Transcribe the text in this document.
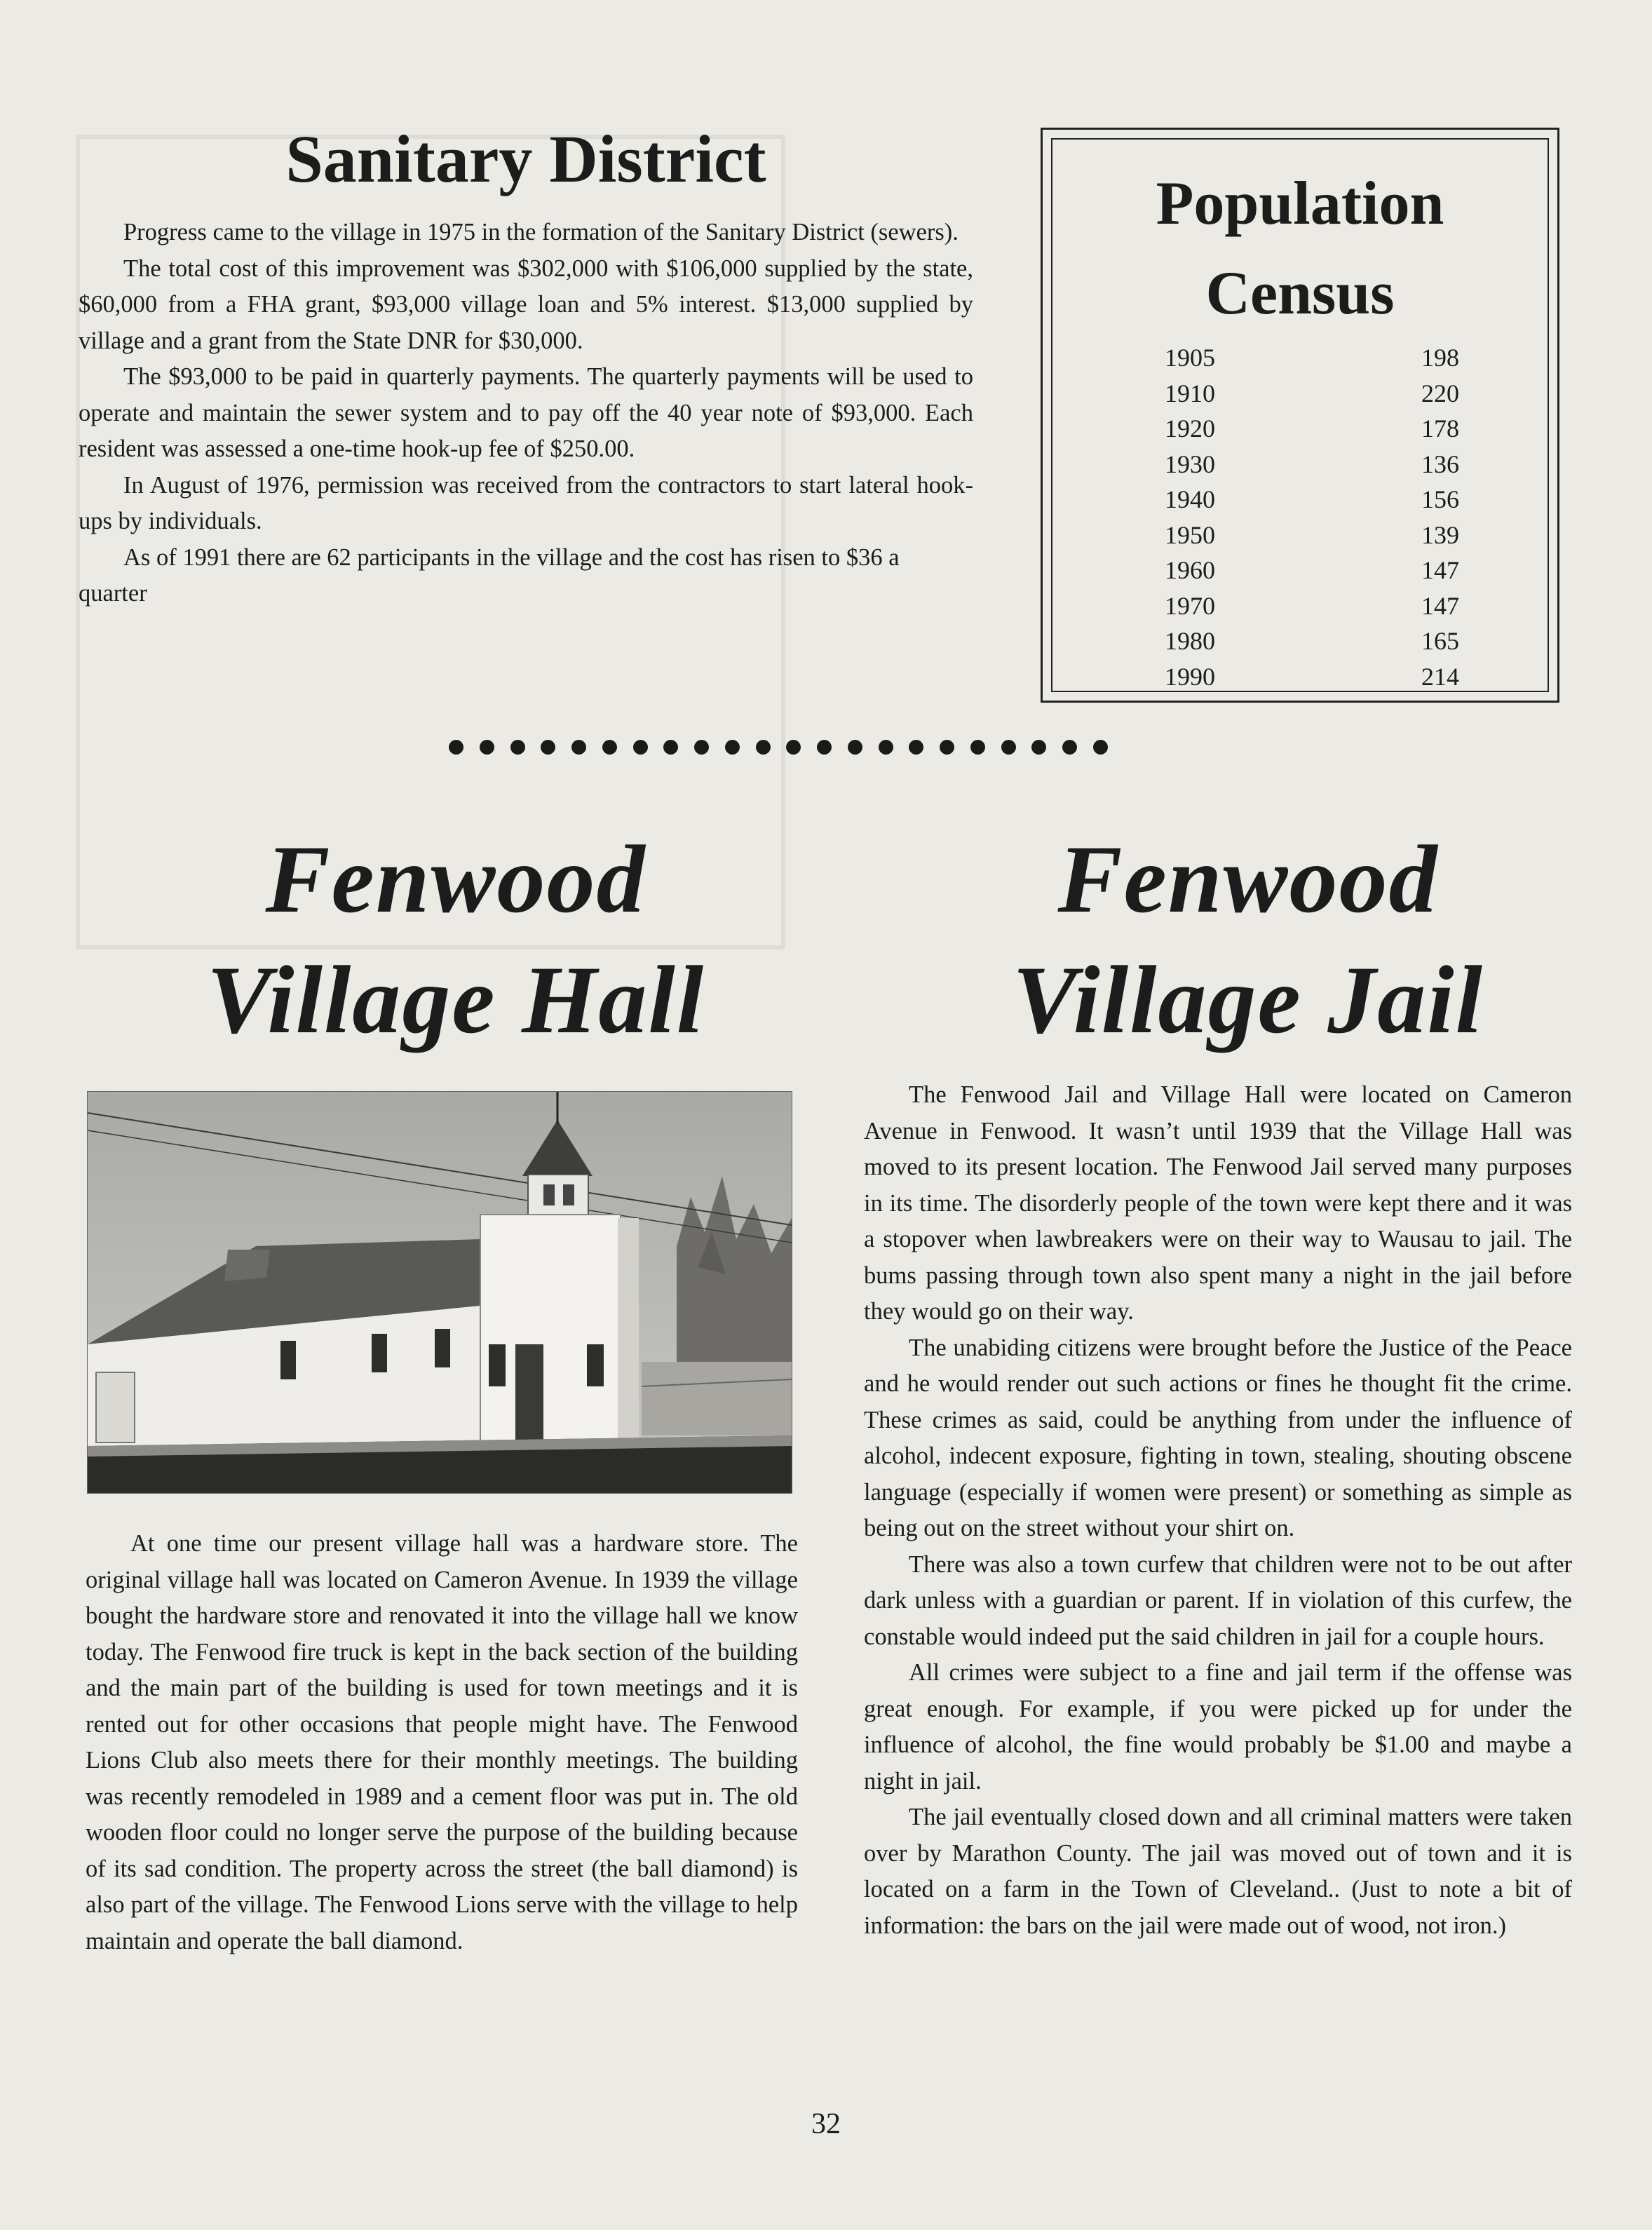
Sanitary District

Progress came to the village in 1975 in the formation of the Sanitary District (sewers).

The total cost of this improvement was $302,000 with $106,000 supplied by the state, $60,000 from a FHA grant, $93,000 village loan and 5% interest. $13,000 supplied by village and a grant from the State DNR for $30,000.

The $93,000 to be paid in quarterly payments. The quarterly payments will be used to operate and maintain the sewer system and to pay off the 40 year note of $93,000. Each resident was assessed a one-time hook-up fee of $250.00.

In August of 1976, permission was received from the contractors to start lateral hook-ups by individuals.

As of 1991 there are 62 participants in the village and the cost has risen to $36 a quarter

Population
Census
1905	198
1910	220
1920	178
1930	136
1940	156
1950	139
1960	147
1970	147
1980	165
1990	214
Fenwood
Village Hall
Fenwood
Village Jail

At one time our present village hall was a hardware store. The original village hall was located on Cameron Avenue. In 1939 the village bought the hardware store and renovated it into the village hall we know today. The Fenwood fire truck is kept in the back section of the building and the main part of the building is used for town meetings and it is rented out for other occasions that people might have. The Fenwood Lions Club also meets there for their monthly meetings. The building was recently remodeled in 1989 and a cement floor was put in. The old wooden floor could no longer serve the purpose of the building because of its sad condition. The property across the street (the ball diamond) is also part of the village. The Fenwood Lions serve with the village to help maintain and operate the ball diamond.

The Fenwood Jail and Village Hall were located on Cameron Avenue in Fenwood. It wasn’t until 1939 that the Village Hall was moved to its present location. The Fenwood Jail served many purposes in its time. The disorderly people of the town were kept there and it was a stopover when lawbreakers were on their way to Wausau to jail. The bums passing through town also spent many a night in the jail before they would go on their way.

The unabiding citizens were brought before the Justice of the Peace and he would render out such actions or fines he thought fit the crime. These crimes as said, could be anything from under the influence of alcohol, indecent exposure, fighting in town, stealing, shouting obscene language (especially if women were present) or something as simple as being out on the street without your shirt on.

There was also a town curfew that children were not to be out after dark unless with a guardian or parent. If in violation of this curfew, the constable would indeed put the said children in jail for a couple hours.

All crimes were subject to a fine and jail term if the offense was great enough. For example, if you were picked up for under the influence of alcohol, the fine would probably be $1.00 and maybe a night in jail.

The jail eventually closed down and all criminal matters were taken over by Marathon County. The jail was moved out of town and it is located on a farm in the Town of Cleveland.. (Just to note a bit of information: the bars on the jail were made out of wood, not iron.)

32
